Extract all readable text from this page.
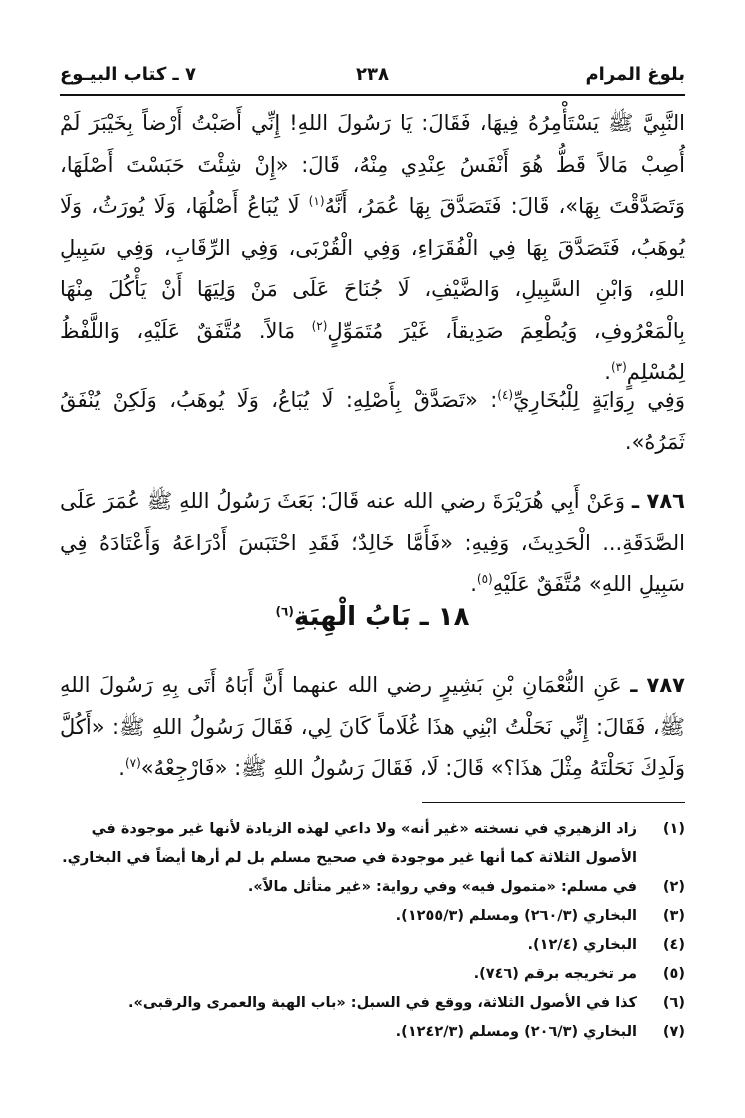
بلوغ المرام
٢٣٨
٧ ـ كتاب البيـوع

النَّبِيَّ ﷺ يَسْتَأْمِرُهُ فِيهَا، فَقَالَ: يَا رَسُولَ اللهِ! إِنِّي أَصَبْتُ أَرْضاً بِخَيْبَرَ لَمْ أُصِبْ مَالاً قَطُّ هُوَ أَنْفَسُ عِنْدِي مِنْهُ، قَالَ: «إِنْ شِئْتَ حَبَسْتَ أَصْلَهَا، وَتَصَدَّقْتَ بِهَا»، قَالَ: فَتَصَدَّقَ بِهَا عُمَرُ، أَنَّهُ$^{(١)}$ لَا يُبَاعُ أَصْلُهَا، وَلَا يُورَثُ، وَلَا يُوهَبُ، فَتَصَدَّقَ بِهَا فِي الْفُقَرَاءِ، وَفِي الْقُرْبَى، وَفِي الرِّقَابِ، وَفِي سَبِيلِ اللهِ، وَابْنِ السَّبِيلِ، وَالضَّيْفِ، لَا جُنَاحَ عَلَى مَنْ وَلِيَهَا أَنْ يَأْكُلَ مِنْهَا بِالْمَعْرُوفِ، وَيُطْعِمَ صَدِيقاً، غَيْرَ مُتَمَوِّلٍ$^{(٢)}$ مَالاً. مُتَّفَقٌ عَلَيْهِ، وَاللَّفْظُ لِمُسْلِمٍ$^{(٣)}$.

وَفِي رِوَايَةٍ لِلْبُخَارِيِّ$^{(٤)}$: «تَصَدَّقْ بِأَصْلِهِ: لَا يُبَاعُ، وَلَا يُوهَبُ، وَلَكِنْ يُنْفَقُ ثَمَرُهُ».

٧٨٦ ـ وَعَنْ أَبِي هُرَيْرَةَ رضي الله عنه قَالَ: بَعَثَ رَسُولُ اللهِ ﷺ عُمَرَ عَلَى الصَّدَقَةِ... الْحَدِيثَ، وَفِيهِ: «فَأَمَّا خَالِدٌ؛ فَقَدِ احْتَبَسَ أَدْرَاعَهُ وَأَعْتَادَهُ فِي سَبِيلِ اللهِ» مُتَّفَقٌ عَلَيْهِ$^{(٥)}$.

١٨ ـ بَابُ الْهِبَةِ$^{(٦)}$

٧٨٧ ـ عَنِ النُّعْمَانِ بْنِ بَشِيرٍ رضي الله عنهما أَنَّ أَبَاهُ أَتَى بِهِ رَسُولَ اللهِ ﷺ، فَقَالَ: إِنِّي نَحَلْتُ ابْنِي هذَا غُلَاماً كَانَ لِي، فَقَالَ رَسُولُ اللهِ ﷺ: «أَكُلَّ وَلَدِكَ نَحَلْتَهُ مِثْلَ هذَا؟» قَالَ: لَا، فَقَالَ رَسُولُ اللهِ ﷺ: «فَارْجِعْهُ»$^{(٧)}$.

(١)
زاد الزهيري في نسخته «غير أنه» ولا داعي لهذه الزيادة لأنها غير موجودة في الأصول الثلاثة كما أنها غير موجودة في صحيح مسلم بل لم أرها أيضاً في البخاري.
(٢)
في مسلم: «متمول فيه» وفي رواية: «غير متأثل مالاً».
(٣)
البخاري (٢٦٠/٣) ومسلم (١٢٥٥/٣).
(٤)
البخاري (١٢/٤).
(٥)
مر تخريجه برقم (٧٤٦).
(٦)
كذا في الأصول الثلاثة، ووقع في السبل: «باب الهبة والعمرى والرقبى».
(٧)
البخاري (٢٠٦/٣) ومسلم (١٢٤٢/٣).
